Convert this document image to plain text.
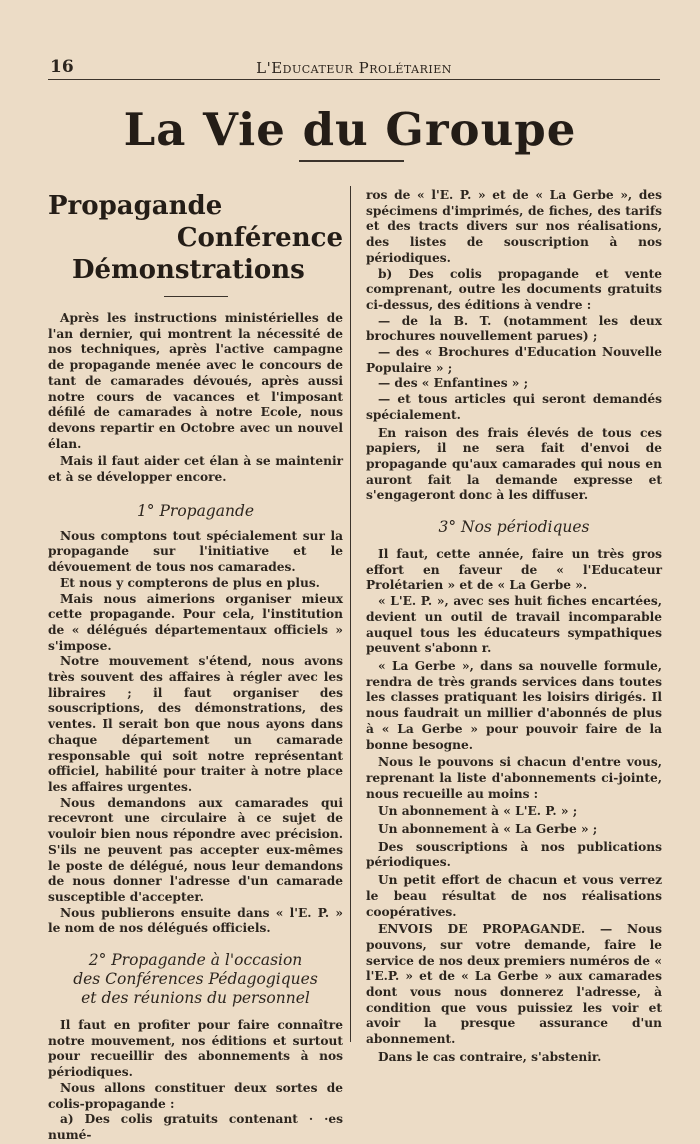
16	L'Educateur Prolétarien
La Vie du Groupe
Propagande
Conférence
Démonstrations

Après les instructions ministérielles de l'an dernier, qui montrent la nécessité de nos techniques, après l'active campagne de propagande menée avec le concours de tant de camarades dévoués, après aussi notre cours de vacances et l'imposant défilé de camarades à notre Ecole, nous devons repartir en Octobre avec un nouvel élan.

Mais il faut aider cet élan à se maintenir et à se développer encore.

1° Propagande

Nous comptons tout spécialement sur la propagande sur l'initiative et le dévouement de tous nos camarades.

Et nous y compterons de plus en plus.

Mais nous aimerions organiser mieux cette propagande. Pour cela, l'institution de « délégués départementaux officiels » s'impose.

Notre mouvement s'étend, nous avons très souvent des affaires à régler avec les libraires ; il faut organiser des souscriptions, des démonstrations, des ventes. Il serait bon que nous ayons dans chaque département un camarade responsable qui soit notre représentant officiel, habilité pour traiter à notre place les affaires urgentes.

Nous demandons aux camarades qui recevront une circulaire à ce sujet de vouloir bien nous répondre avec précision. S'ils ne peuvent pas accepter eux-mêmes le poste de délégué, nous leur demandons de nous donner l'adresse d'un camarade susceptible d'accepter.

Nous publierons ensuite dans « l'E. P. » le nom de nos délégués officiels.

2° Propagande à l'occasion
des Conférences Pédagogiques
et des réunions du personnel

Il faut en profiter pour faire connaître notre mouvement, nos éditions et surtout pour recueillir des abonnements à nos périodiques.

Nous allons constituer deux sortes de colis-propagande :

a) Des colis gratuits contenant · ·es numé-

ros de « l'E. P. » et de « La Gerbe », des spécimens d'imprimés, de fiches, des tarifs et des tracts divers sur nos réalisations, des listes de souscription à nos périodiques.

b) Des colis propagande et vente comprenant, outre les documents gratuits ci-dessus, des éditions à vendre :

— de la B. T. (notamment les deux brochures nouvellement parues) ;

— des « Brochures d'Education Nouvelle Populaire » ;

— des « Enfantines » ;

— et tous articles qui seront demandés spécialement.

En raison des frais élevés de tous ces papiers, il ne sera fait d'envoi de propagande qu'aux camarades qui nous en auront fait la demande expresse et s'engageront donc à les diffuser.

3° Nos périodiques

Il faut, cette année, faire un très gros effort en faveur de « l'Educateur Prolétarien » et de « La Gerbe ».

« L'E. P. », avec ses huit fiches encartées, devient un outil de travail incomparable auquel tous les éducateurs sympathiques peuvent s'abonn r.

« La Gerbe », dans sa nouvelle formule, rendra de très grands services dans toutes les classes pratiquant les loisirs dirigés. Il nous faudrait un millier d'abonnés de plus à « La Gerbe » pour pouvoir faire de la bonne besogne.

Nous le pouvons si chacun d'entre vous, reprenant la liste d'abonnements ci-jointe, nous recueille au moins :

Un abonnement à « L'E. P. » ;

Un abonnement à « La Gerbe » ;

Des souscriptions à nos publications périodiques.

Un petit effort de chacun et vous verrez le beau résultat de nos réalisations coopératives.

ENVOIS DE PROPAGANDE. — Nous pouvons, sur votre demande, faire le service de nos deux premiers numéros de « l'E.P. » et de « La Gerbe » aux camarades dont vous nous donnerez l'adresse, à condition que vous puissiez les voir et avoir la presque assurance d'un abonnement.

Dans le cas contraire, s'abstenir.
